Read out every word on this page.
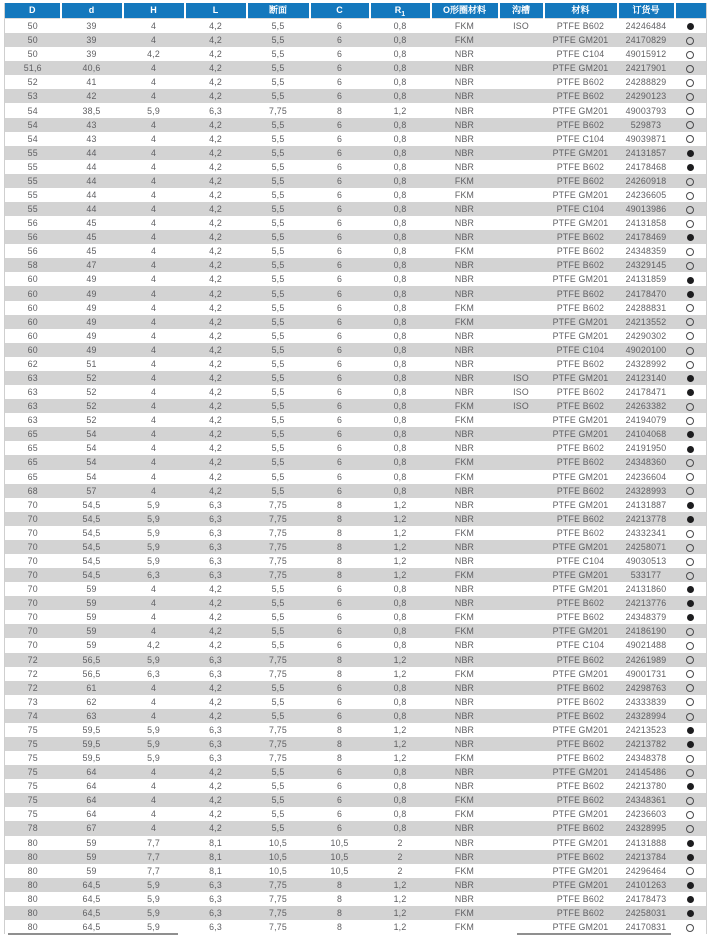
D	d	H	L	断面	C	$R_1$	O形圈材料	沟槽	材料	订货号	
50	39	4	4,2	5,5	6	0,8	FKM	ISO	PTFE B602	24246484	
50	39	4	4,2	5,5	6	0,8	FKM		PTFE GM201	24170829	
50	39	4,2	4,2	5,5	6	0,8	NBR		PTFE C104	49015912	
51,6	40,6	4	4,2	5,5	6	0,8	NBR		PTFE GM201	24217901	
52	41	4	4,2	5,5	6	0,8	NBR		PTFE B602	24288829	
53	42	4	4,2	5,5	6	0,8	NBR		PTFE B602	24290123	
54	38,5	5,9	6,3	7,75	8	1,2	NBR		PTFE GM201	49003793	
54	43	4	4,2	5,5	6	0,8	NBR		PTFE B602	529873	
54	43	4	4,2	5,5	6	0,8	NBR		PTFE C104	49039871	
55	44	4	4,2	5,5	6	0,8	NBR		PTFE GM201	24131857	
55	44	4	4,2	5,5	6	0,8	NBR		PTFE B602	24178468	
55	44	4	4,2	5,5	6	0,8	FKM		PTFE B602	24260918	
55	44	4	4,2	5,5	6	0,8	FKM		PTFE GM201	24236605	
55	44	4	4,2	5,5	6	0,8	NBR		PTFE C104	49013986	
56	45	4	4,2	5,5	6	0,8	NBR		PTFE GM201	24131858	
56	45	4	4,2	5,5	6	0,8	NBR		PTFE B602	24178469	
56	45	4	4,2	5,5	6	0,8	FKM		PTFE B602	24348359	
58	47	4	4,2	5,5	6	0,8	NBR		PTFE B602	24329145	
60	49	4	4,2	5,5	6	0,8	NBR		PTFE GM201	24131859	
60	49	4	4,2	5,5	6	0,8	NBR		PTFE B602	24178470	
60	49	4	4,2	5,5	6	0,8	FKM		PTFE B602	24288831	
60	49	4	4,2	5,5	6	0,8	FKM		PTFE GM201	24213552	
60	49	4	4,2	5,5	6	0,8	NBR		PTFE GM201	24290302	
60	49	4	4,2	5,5	6	0,8	NBR		PTFE C104	49020100	
62	51	4	4,2	5,5	6	0,8	NBR		PTFE B602	24328992	
63	52	4	4,2	5,5	6	0,8	NBR	ISO	PTFE GM201	24123140	
63	52	4	4,2	5,5	6	0,8	NBR	ISO	PTFE B602	24178471	
63	52	4	4,2	5,5	6	0,8	FKM	ISO	PTFE B602	24263382	
63	52	4	4,2	5,5	6	0,8	FKM		PTFE GM201	24194079	
65	54	4	4,2	5,5	6	0,8	NBR		PTFE GM201	24104068	
65	54	4	4,2	5,5	6	0,8	NBR		PTFE B602	24191950	
65	54	4	4,2	5,5	6	0,8	FKM		PTFE B602	24348360	
65	54	4	4,2	5,5	6	0,8	FKM		PTFE GM201	24236604	
68	57	4	4,2	5,5	6	0,8	NBR		PTFE B602	24328993	
70	54,5	5,9	6,3	7,75	8	1,2	NBR		PTFE GM201	24131887	
70	54,5	5,9	6,3	7,75	8	1,2	NBR		PTFE B602	24213778	
70	54,5	5,9	6,3	7,75	8	1,2	FKM		PTFE B602	24332341	
70	54,5	5,9	6,3	7,75	8	1,2	NBR		PTFE GM201	24258071	
70	54,5	5,9	6,3	7,75	8	1,2	NBR		PTFE C104	49030513	
70	54,5	6,3	6,3	7,75	8	1,2	FKM		PTFE GM201	533177	
70	59	4	4,2	5,5	6	0,8	NBR		PTFE GM201	24131860	
70	59	4	4,2	5,5	6	0,8	NBR		PTFE B602	24213776	
70	59	4	4,2	5,5	6	0,8	FKM		PTFE B602	24348379	
70	59	4	4,2	5,5	6	0,8	FKM		PTFE GM201	24186190	
70	59	4,2	4,2	5,5	6	0,8	NBR		PTFE C104	49021488	
72	56,5	5,9	6,3	7,75	8	1,2	NBR		PTFE B602	24261989	
72	56,5	6,3	6,3	7,75	8	1,2	FKM		PTFE GM201	49001731	
72	61	4	4,2	5,5	6	0,8	NBR		PTFE B602	24298763	
73	62	4	4,2	5,5	6	0,8	NBR		PTFE B602	24333839	
74	63	4	4,2	5,5	6	0,8	NBR		PTFE B602	24328994	
75	59,5	5,9	6,3	7,75	8	1,2	NBR		PTFE GM201	24213523	
75	59,5	5,9	6,3	7,75	8	1,2	NBR		PTFE B602	24213782	
75	59,5	5,9	6,3	7,75	8	1,2	FKM		PTFE B602	24348378	
75	64	4	4,2	5,5	6	0,8	NBR		PTFE GM201	24145486	
75	64	4	4,2	5,5	6	0,8	NBR		PTFE B602	24213780	
75	64	4	4,2	5,5	6	0,8	FKM		PTFE B602	24348361	
75	64	4	4,2	5,5	6	0,8	FKM		PTFE GM201	24236603	
78	67	4	4,2	5,5	6	0,8	NBR		PTFE B602	24328995	
80	59	7,7	8,1	10,5	10,5	2	NBR		PTFE GM201	24131888	
80	59	7,7	8,1	10,5	10,5	2	NBR		PTFE B602	24213784	
80	59	7,7	8,1	10,5	10,5	2	FKM		PTFE GM201	24296464	
80	64,5	5,9	6,3	7,75	8	1,2	NBR		PTFE GM201	24101263	
80	64,5	5,9	6,3	7,75	8	1,2	NBR		PTFE B602	24178473	
80	64,5	5,9	6,3	7,75	8	1,2	FKM		PTFE B602	24258031	
80	64,5	5,9	6,3	7,75	8	1,2	FKM		PTFE GM201	24170831	
